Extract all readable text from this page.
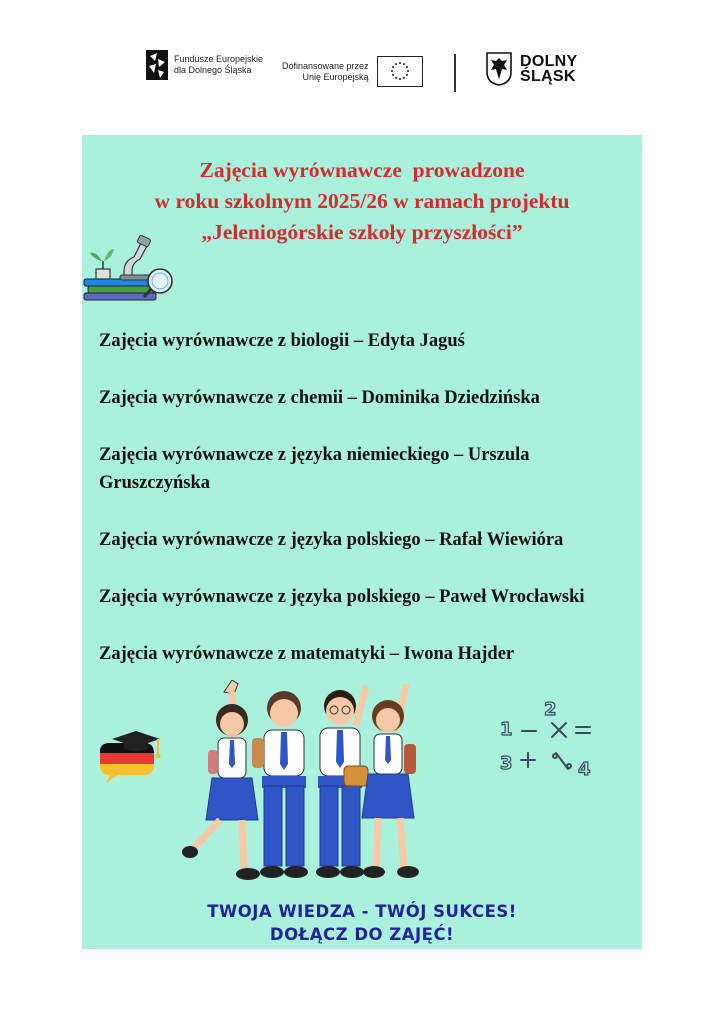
Fundusze Europejskie
dla Dolnego Śląska	Dofinansowane przez
Unię Europejską
DOLNY
ŚLĄSK
Zajęcia wyrównawcze  prowadzone
w roku szkolnym 2025/26 w ramach projektu
„Jeleniogórskie szkoły przyszłości”

Zajęcia wyrównawcze z biologii – Edyta Jaguś

Zajęcia wyrównawcze z chemii – Dominika Dziedzińska

Zajęcia wyrównawcze z języka niemieckiego – Urszula Gruszczyńska

Zajęcia wyrównawcze z języka polskiego – Rafał Wiewióra

Zajęcia wyrównawcze z języka polskiego – Paweł Wrocławski

Zajęcia wyrównawcze z matematyki – Iwona Hajder

1
2
3	4
TWOJA WIEDZA - TWÓJ SUKCES!
DOŁĄCZ DO ZAJĘĆ!
